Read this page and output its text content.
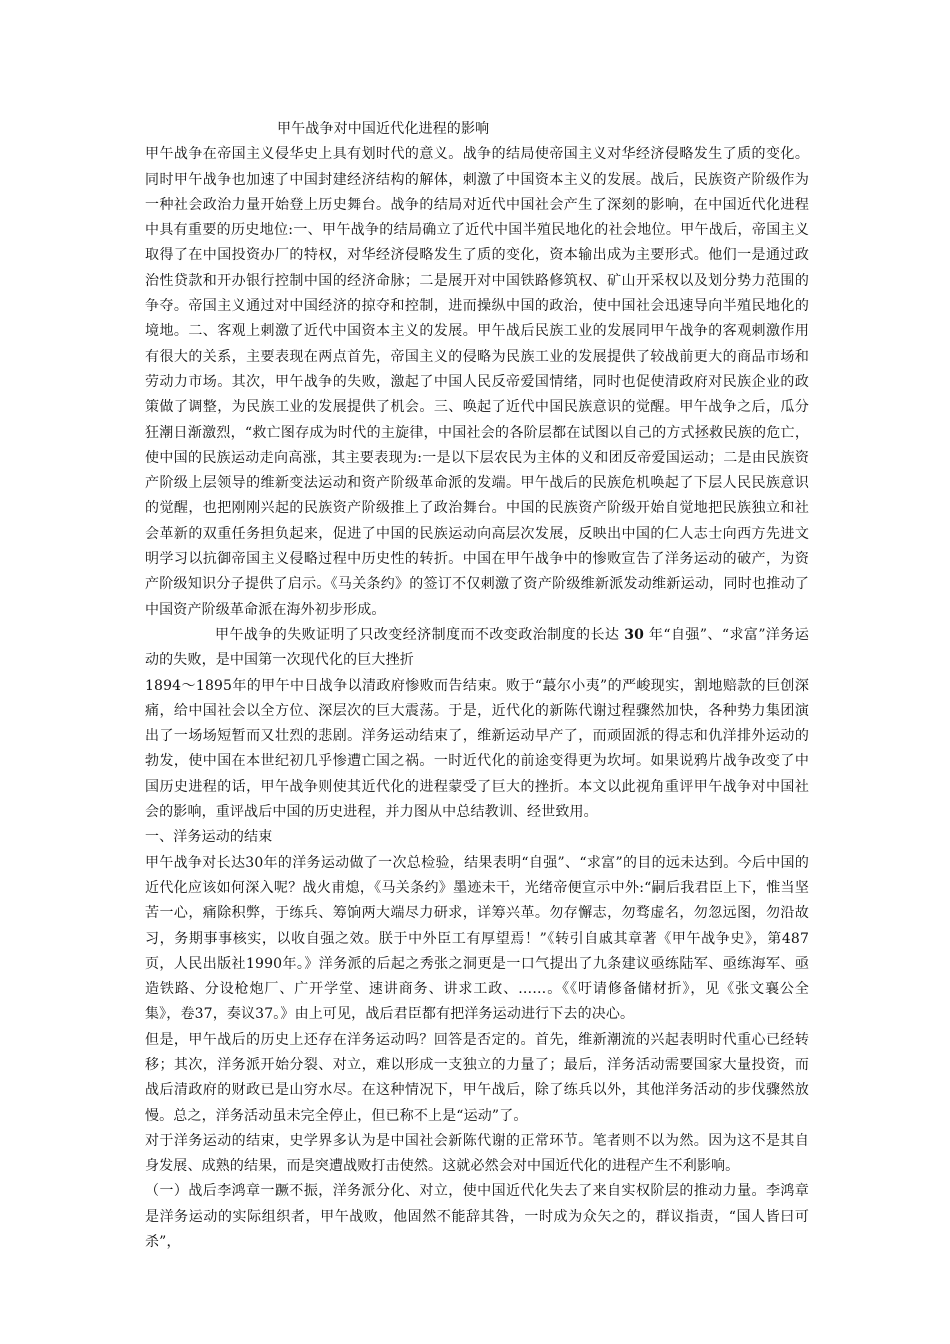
甲午战争对中国近代化进程的影响

甲午战争在帝国主义侵华史上具有划时代的意义。战争的结局使帝国主义对华经济侵略发生了质的变化。同时甲午战争也加速了中国封建经济结构的解体，刺激了中国资本主义的发展。战后，民族资产阶级作为一种社会政治力量开始登上历史舞台。战争的结局对近代中国社会产生了深刻的影响，在中国近代化进程中具有重要的历史地位:一、甲午战争的结局确立了近代中国半殖民地化的社会地位。甲午战后，帝国主义取得了在中国投资办厂的特权，对华经济侵略发生了质的变化，资本输出成为主要形式。他们一是通过政治性贷款和开办银行控制中国的经济命脉；二是展开对中国铁路修筑权、矿山开采权以及划分势力范围的争夺。帝国主义通过对中国经济的掠夺和控制，进而操纵中国的政治，使中国社会迅速导向半殖民地化的境地。二、客观上刺激了近代中国资本主义的发展。甲午战后民族工业的发展同甲午战争的客观刺激作用有很大的关系，主要表现在两点首先，帝国主义的侵略为民族工业的发展提供了较战前更大的商品市场和劳动力市场。其次，甲午战争的失败，激起了中国人民反帝爱国情绪，同时也促使清政府对民族企业的政策做了调整，为民族工业的发展提供了机会。三、唤起了近代中国民族意识的觉醒。甲午战争之后，瓜分狂潮日渐激烈，“救亡图存成为时代的主旋律，中国社会的各阶层都在试图以自己的方式拯救民族的危亡，使中国的民族运动走向高涨，其主要表现为:一是以下层农民为主体的义和团反帝爱国运动；二是由民族资产阶级上层领导的维新变法运动和资产阶级革命派的发端。甲午战后的民族危机唤起了下层人民民族意识的觉醒，也把刚刚兴起的民族资产阶级推上了政治舞台。中国的民族资产阶级开始自觉地把民族独立和社会革新的双重任务担负起来，促进了中国的民族运动向高层次发展，反映出中国的仁人志士向西方先进文明学习以抗御帝国主义侵略过程中历史性的转折。中国在甲午战争中的惨败宣告了洋务运动的破产，为资产阶级知识分子提供了启示。《马关条约》的签订不仅刺激了资产阶级维新派发动维新运动，同时也推动了中国资产阶级革命派在海外初步形成。

甲午战争的失败证明了只改变经济制度而不改变政治制度的长达 30 年“自强”、“求富”洋务运动的失败，是中国第一次现代化的巨大挫折

1894～1895年的甲午中日战争以清政府惨败而告结束。败于“蕞尔小夷”的严峻现实，割地赔款的巨创深痛，给中国社会以全方位、深层次的巨大震荡。于是，近代化的新陈代谢过程骤然加快，各种势力集团演出了一场场短暂而又壮烈的悲剧。洋务运动结束了，维新运动早产了，而顽固派的得志和仇洋排外运动的勃发，使中国在本世纪初几乎惨遭亡国之祸。一时近代化的前途变得更为坎坷。如果说鸦片战争改变了中国历史进程的话，甲午战争则使其近代化的进程蒙受了巨大的挫折。本文以此视角重评甲午战争对中国社会的影响，重评战后中国的历史进程，并力图从中总结教训、经世致用。

一、洋务运动的结束

甲午战争对长达30年的洋务运动做了一次总检验，结果表明“自强”、“求富”的目的远未达到。今后中国的近代化应该如何深入呢？战火甫熄，《马关条约》墨迹未干，光绪帝便宣示中外:“嗣后我君臣上下，惟当坚苦一心，痛除积弊，于练兵、筹饷两大端尽力研求，详筹兴革。勿存懈志，勿骛虚名，勿忽远图，勿沿故习，务期事事核实，以收自强之效。朕于中外臣工有厚望焉！”《转引自戚其章著《甲午战争史》，第487页，人民出版社1990年。》洋务派的后起之秀张之洞更是一口气提出了九条建议亟练陆军、亟练海军、亟造铁路、分设枪炮厂、广开学堂、速讲商务、讲求工政、……。《《吁请修备储材折》，见《张文襄公全集》，卷37，奏议37。》由上可见，战后君臣都有把洋务运动进行下去的决心。

但是，甲午战后的历史上还存在洋务运动吗？回答是否定的。首先，维新潮流的兴起表明时代重心已经转移；其次，洋务派开始分裂、对立，难以形成一支独立的力量了；最后，洋务活动需要国家大量投资，而战后清政府的财政已是山穷水尽。在这种情况下，甲午战后，除了练兵以外，其他洋务活动的步伐骤然放慢。总之，洋务活动虽未完全停止，但已称不上是“运动”了。

对于洋务运动的结束，史学界多认为是中国社会新陈代谢的正常环节。笔者则不以为然。因为这不是其自身发展、成熟的结果，而是突遭战败打击使然。这就必然会对中国近代化的进程产生不利影响。

（一）战后李鸿章一蹶不振，洋务派分化、对立，使中国近代化失去了来自实权阶层的推动力量。李鸿章是洋务运动的实际组织者，甲午战败，他固然不能辞其咎，一时成为众矢之的，群议指责，“国人皆曰可杀”，
